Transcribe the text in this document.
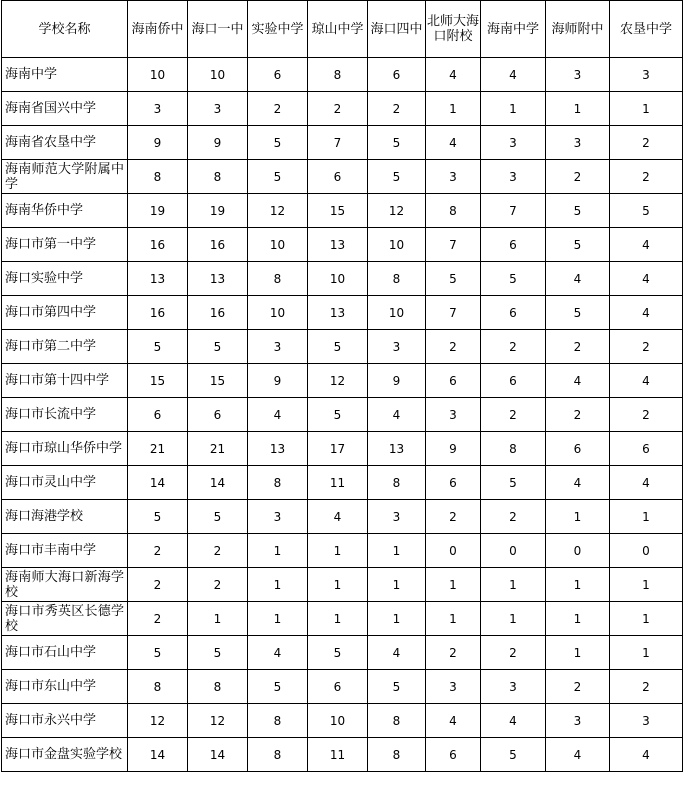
学校名称	海南侨中	海口一中	实验中学	琼山中学	海口四中	北师大海口附校	海南中学	海师附中	农垦中学
海南中学	10	10	6	8	6	4	4	3	3
海南省国兴中学	3	3	2	2	2	1	1	1	1
海南省农垦中学	9	9	5	7	5	4	3	3	2
海南师范大学附属中学	8	8	5	6	5	3	3	2	2
海南华侨中学	19	19	12	15	12	8	7	5	5
海口市第一中学	16	16	10	13	10	7	6	5	4
海口实验中学	13	13	8	10	8	5	5	4	4
海口市第四中学	16	16	10	13	10	7	6	5	4
海口市第二中学	5	5	3	5	3	2	2	2	2
海口市第十四中学	15	15	9	12	9	6	6	4	4
海口市长流中学	6	6	4	5	4	3	2	2	2
海口市琼山华侨中学	21	21	13	17	13	9	8	6	6
海口市灵山中学	14	14	8	11	8	6	5	4	4
海口海港学校	5	5	3	4	3	2	2	1	1
海口市丰南中学	2	2	1	1	1	0	0	0	0
海南师大海口新海学校	2	2	1	1	1	1	1	1	1
海口市秀英区长德学校	2	1	1	1	1	1	1	1	1
海口市石山中学	5	5	4	5	4	2	2	1	1
海口市东山中学	8	8	5	6	5	3	3	2	2
海口市永兴中学	12	12	8	10	8	4	4	3	3
海口市金盘实验学校	14	14	8	11	8	6	5	4	4
